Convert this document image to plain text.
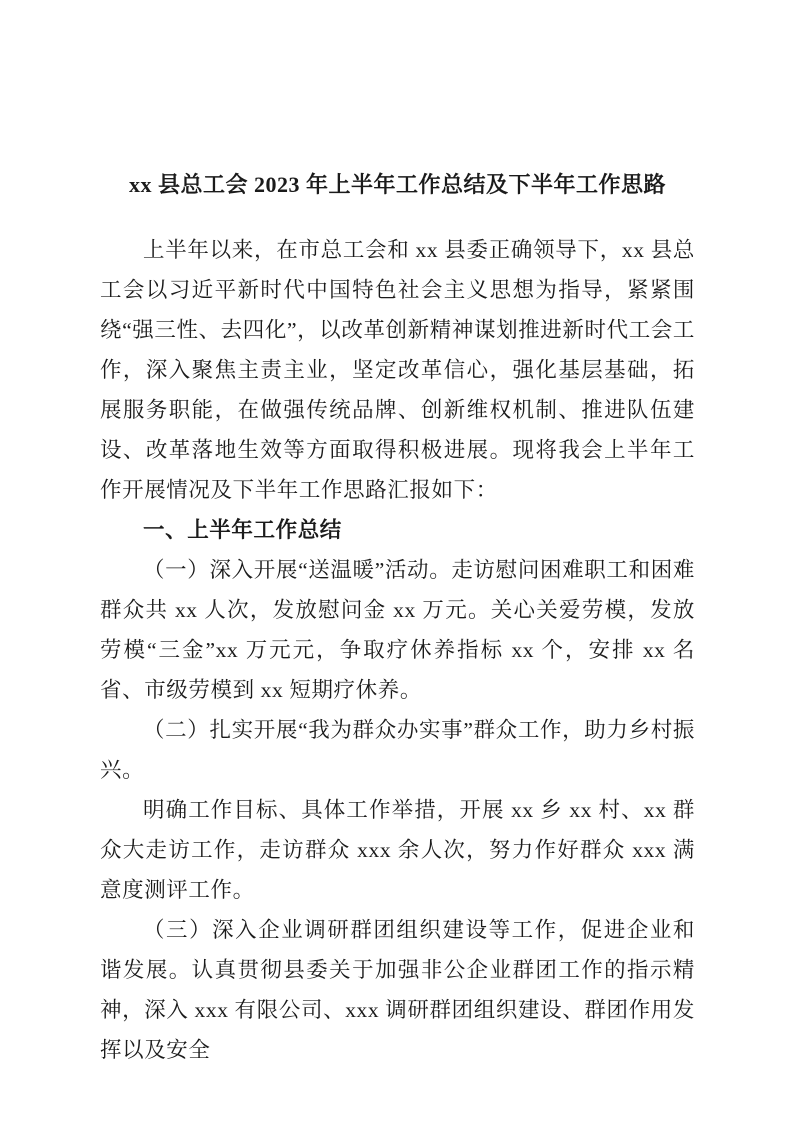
xx 县总工会 2023 年上半年工作总结及下半年工作思路

上半年以来，在市总工会和 xx 县委正确领导下，xx 县总工会以习近平新时代中国特色社会主义思想为指导，紧紧围绕“强三性、去四化”，以改革创新精神谋划推进新时代工会工作，深入聚焦主责主业，坚定改革信心，强化基层基础，拓展服务职能，在做强传统品牌、创新维权机制、推进队伍建设、改革落地生效等方面取得积极进展。现将我会上半年工作开展情况及下半年工作思路汇报如下：

一、上半年工作总结

（一）深入开展“送温暖”活动。走访慰问困难职工和困难群众共 xx 人次，发放慰问金 xx 万元。关心关爱劳模，发放劳模“三金”xx 万元元，争取疗休养指标 xx 个，安排 xx 名省、市级劳模到 xx 短期疗休养。

（二）扎实开展“我为群众办实事”群众工作，助力乡村振兴。

明确工作目标、具体工作举措，开展 xx 乡 xx 村、xx 群众大走访工作，走访群众 xxx 余人次，努力作好群众 xxx 满意度测评工作。

（三）深入企业调研群团组织建设等工作，促进企业和谐发展。认真贯彻县委关于加强非公企业群团工作的指示精神，深入 xxx 有限公司、xxx 调研群团组织建设、群团作用发挥以及安全
